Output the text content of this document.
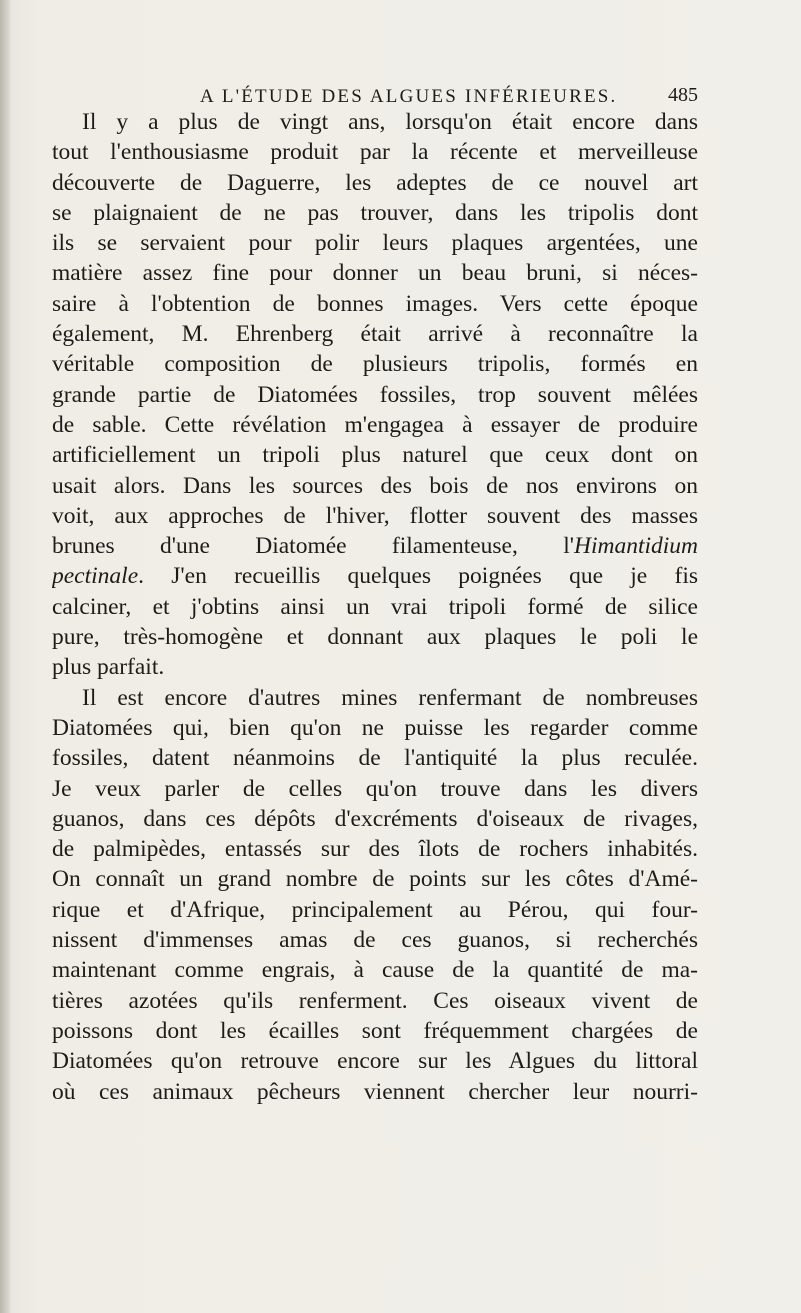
A L'ÉTUDE DES ALGUES INFÉRIEURES.	485
Il y a plus de vingt ans, lorsqu'on était encore dans
tout l'enthousiasme produit par la récente et merveilleuse
découverte de Daguerre, les adeptes de ce nouvel art
se plaignaient de ne pas trouver, dans les tripolis dont
ils se servaient pour polir leurs plaques argentées, une
matière assez fine pour donner un beau bruni, si néces-
saire à l'obtention de bonnes images. Vers cette époque
également, M. Ehrenberg était arrivé à reconnaître la
véritable composition de plusieurs tripolis, formés en
grande partie de Diatomées fossiles, trop souvent mêlées
de sable. Cette révélation m'engagea à essayer de produire
artificiellement un tripoli plus naturel que ceux dont on
usait alors. Dans les sources des bois de nos environs on
voit, aux approches de l'hiver, flotter souvent des masses
brunes d'une Diatomée filamenteuse, l'Himantidium
pectinale. J'en recueillis quelques poignées que je fis
calciner, et j'obtins ainsi un vrai tripoli formé de silice
pure, très-homogène et donnant aux plaques le poli le
plus parfait.
Il est encore d'autres mines renfermant de nombreuses
Diatomées qui, bien qu'on ne puisse les regarder comme
fossiles, datent néanmoins de l'antiquité la plus reculée.
Je veux parler de celles qu'on trouve dans les divers
guanos, dans ces dépôts d'excréments d'oiseaux de rivages,
de palmipèdes, entassés sur des îlots de rochers inhabités.
On connaît un grand nombre de points sur les côtes d'Amé-
rique et d'Afrique, principalement au Pérou, qui four-
nissent d'immenses amas de ces guanos, si recherchés
maintenant comme engrais, à cause de la quantité de ma-
tières azotées qu'ils renferment. Ces oiseaux vivent de
poissons dont les écailles sont fréquemment chargées de
Diatomées qu'on retrouve encore sur les Algues du littoral
où ces animaux pêcheurs viennent chercher leur nourri-
